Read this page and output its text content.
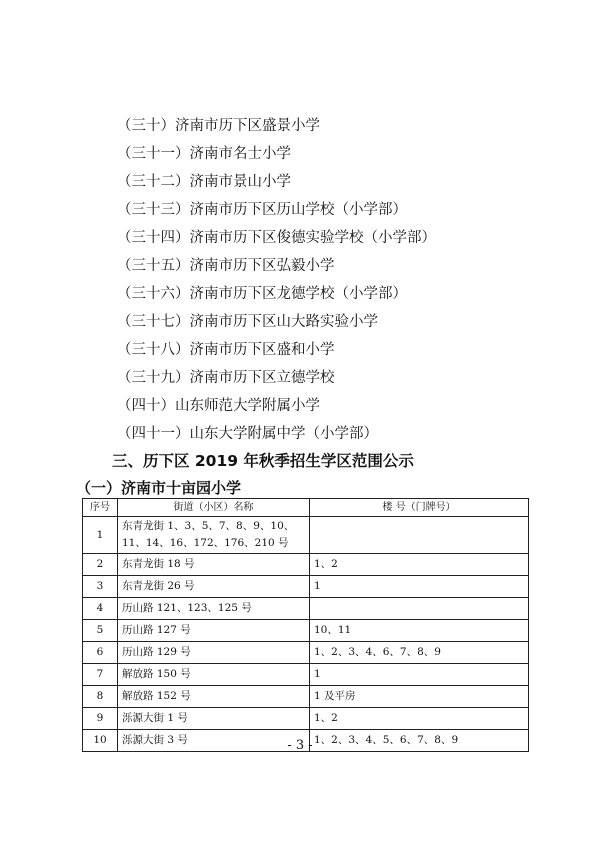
（三十）济南市历下区盛景小学
（三十一）济南市名士小学
（三十二）济南市景山小学
（三十三）济南市历下区历山学校（小学部）
（三十四）济南市历下区俊德实验学校（小学部）
（三十五）济南市历下区弘毅小学
（三十六）济南市历下区龙德学校（小学部）
（三十七）济南市历下区山大路实验小学
（三十八）济南市历下区盛和小学
（三十九）济南市历下区立德学校
（四十）山东师范大学附属小学
（四十一）山东大学附属中学（小学部）
三、历下区 2019 年秋季招生学区范围公示
（一）济南市十亩园小学
序号	街道（小区）名称	楼 号（门牌号）
1	东青龙街 1、3、5、7、8、9、10、11、14、16、172、176、210 号	
2	东青龙街 18 号	1、2
3	东青龙街 26 号	1
4	历山路 121、123、125 号	
5	历山路 127 号	10、11
6	历山路 129 号	1、2、3、4、6、7、8、9
7	解放路 150 号	1
8	解放路 152 号	1 及平房
9	泺源大街 1 号	1、2
10	泺源大街 3 号	1、2、3、4、5、6、7、8、9
- 3 -
